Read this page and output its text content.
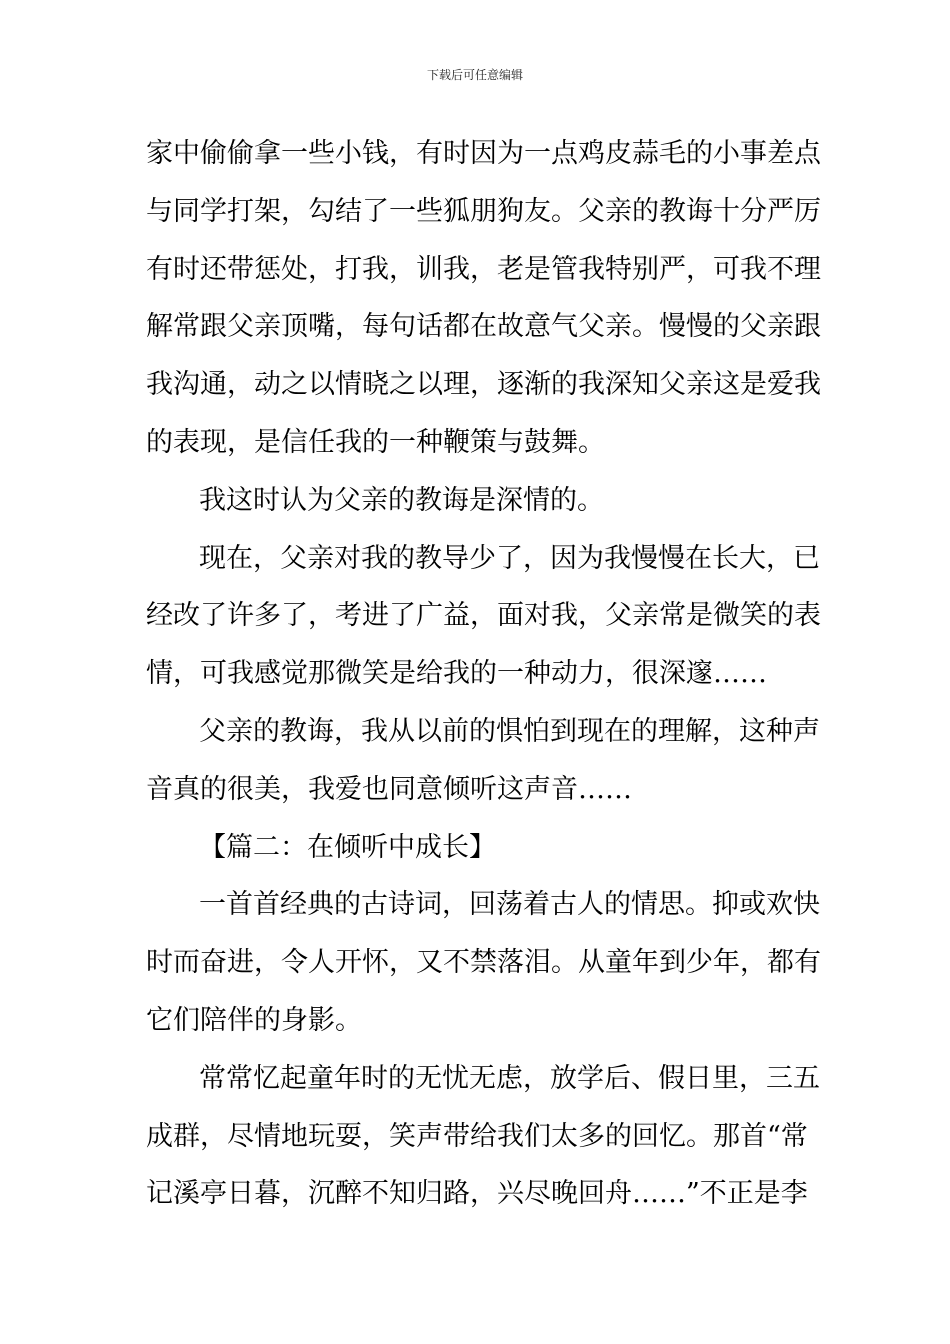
下载后可任意编辑
家中偷偷拿一些小钱，有时因为一点鸡皮蒜毛的小事差点
与同学打架，勾结了一些狐朋狗友。父亲的教诲十分严厉
有时还带惩处，打我，训我，老是管我特别严，可我不理
解常跟父亲顶嘴，每句话都在故意气父亲。慢慢的父亲跟
我沟通，动之以情晓之以理，逐渐的我深知父亲这是爱我
的表现，是信任我的一种鞭策与鼓舞。
我这时认为父亲的教诲是深情的。
现在，父亲对我的教导少了，因为我慢慢在长大，已
经改了许多了，考进了广益，面对我，父亲常是微笑的表
情，可我感觉那微笑是给我的一种动力，很深邃……
父亲的教诲，我从以前的惧怕到现在的理解，这种声
音真的很美，我爱也同意倾听这声音……
【篇二：在倾听中成长】
一首首经典的古诗词，回荡着古人的情思。抑或欢快
时而奋进，令人开怀，又不禁落泪。从童年到少年，都有
它们陪伴的身影。
常常忆起童年时的无忧无虑，放学后、假日里，三五
成群，尽情地玩耍，笑声带给我们太多的回忆。那首“常
记溪亭日暮，沉醉不知归路，兴尽晚回舟……”不正是李
